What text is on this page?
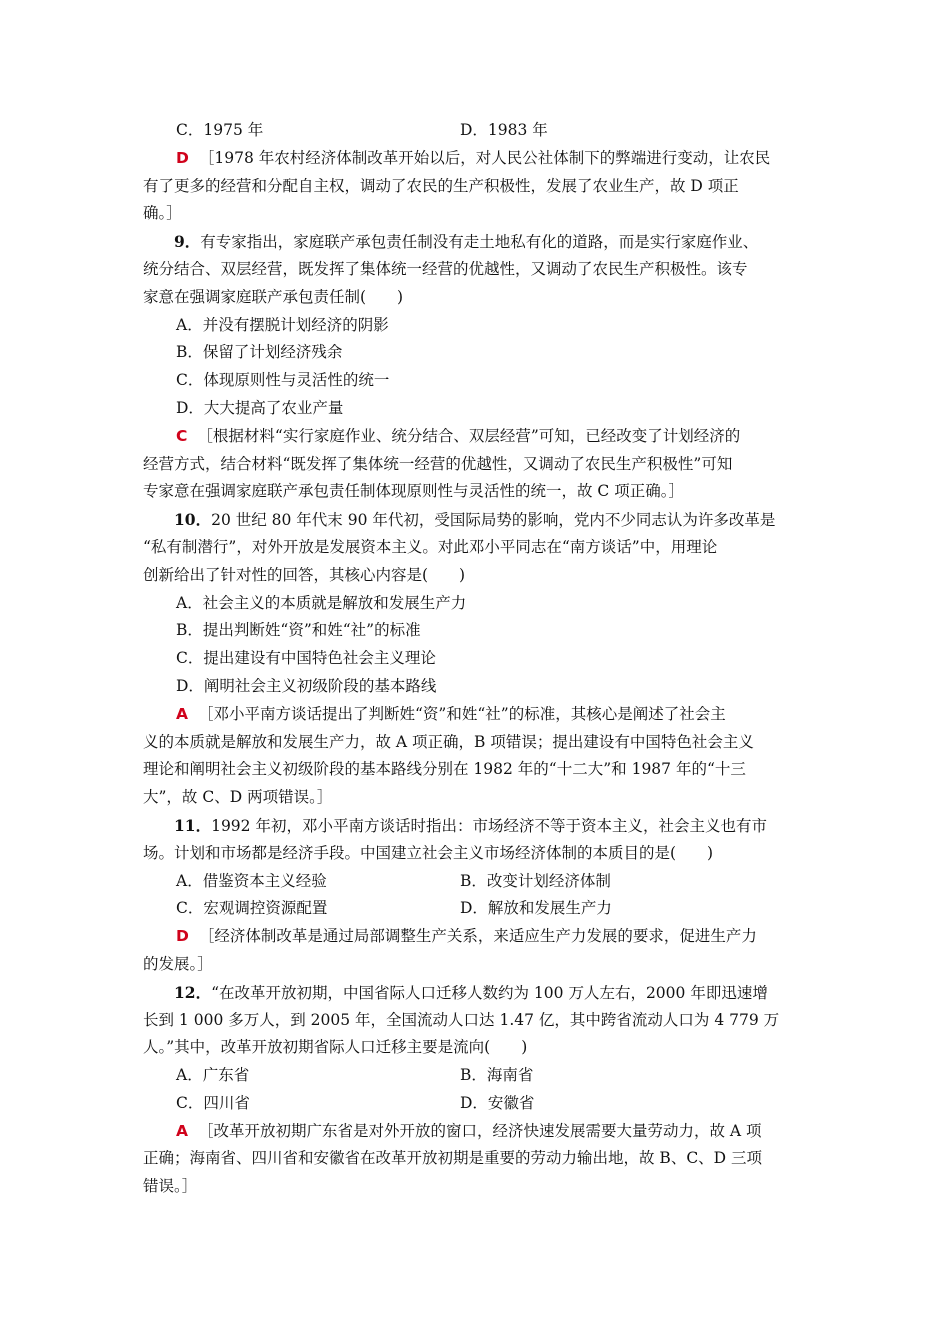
C．1975 年	D．1983 年
D ［1978 年农村经济体制改革开始以后，对人民公社体制下的弊端进行变动，让农民
有了更多的经营和分配自主权，调动了农民的生产积极性，发展了农业生产，故 D 项正
确。］
9．有专家指出，家庭联产承包责任制没有走土地私有化的道路，而是实行家庭作业、
统分结合、双层经营，既发挥了集体统一经营的优越性，又调动了农民生产积极性。该专
家意在强调家庭联产承包责任制(　　)
A．并没有摆脱计划经济的阴影
B．保留了计划经济残余
C．体现原则性与灵活性的统一
D．大大提高了农业产量
C ［根据材料“实行家庭作业、统分结合、双层经营”可知，已经改变了计划经济的
经营方式，结合材料“既发挥了集体统一经营的优越性，又调动了农民生产积极性”可知
专家意在强调家庭联产承包责任制体现原则性与灵活性的统一，故 C 项正确。］
10．20 世纪 80 年代末 90 年代初，受国际局势的影响，党内不少同志认为许多改革是
“私有制潜行”，对外开放是发展资本主义。对此邓小平同志在“南方谈话”中，用理论
创新给出了针对性的回答，其核心内容是(　　)
A．社会主义的本质就是解放和发展生产力
B．提出判断姓“资”和姓“社”的标准
C．提出建设有中国特色社会主义理论
D．阐明社会主义初级阶段的基本路线
A ［邓小平南方谈话提出了判断姓“资”和姓“社”的标准，其核心是阐述了社会主
义的本质就是解放和发展生产力，故 A 项正确，B 项错误；提出建设有中国特色社会主义
理论和阐明社会主义初级阶段的基本路线分别在 1982 年的“十二大”和 1987 年的“十三
大”，故 C、D 两项错误。］
11．1992 年初，邓小平南方谈话时指出：市场经济不等于资本主义，社会主义也有市
场。计划和市场都是经济手段。中国建立社会主义市场经济体制的本质目的是(　　)
A．借鉴资本主义经验	B．改变计划经济体制
C．宏观调控资源配置	D．解放和发展生产力
D ［经济体制改革是通过局部调整生产关系，来适应生产力发展的要求，促进生产力
的发展。］
12．“在改革开放初期，中国省际人口迁移人数约为 100 万人左右，2000 年即迅速增
长到 1 000 多万人，到 2005 年，全国流动人口达 1.47 亿，其中跨省流动人口为 4 779 万
人。”其中，改革开放初期省际人口迁移主要是流向(　　)
A．广东省	B．海南省
C．四川省	D．安徽省
A ［改革开放初期广东省是对外开放的窗口，经济快速发展需要大量劳动力，故 A 项
正确；海南省、四川省和安徽省在改革开放初期是重要的劳动力输出地，故 B、C、D 三项
错误。］
